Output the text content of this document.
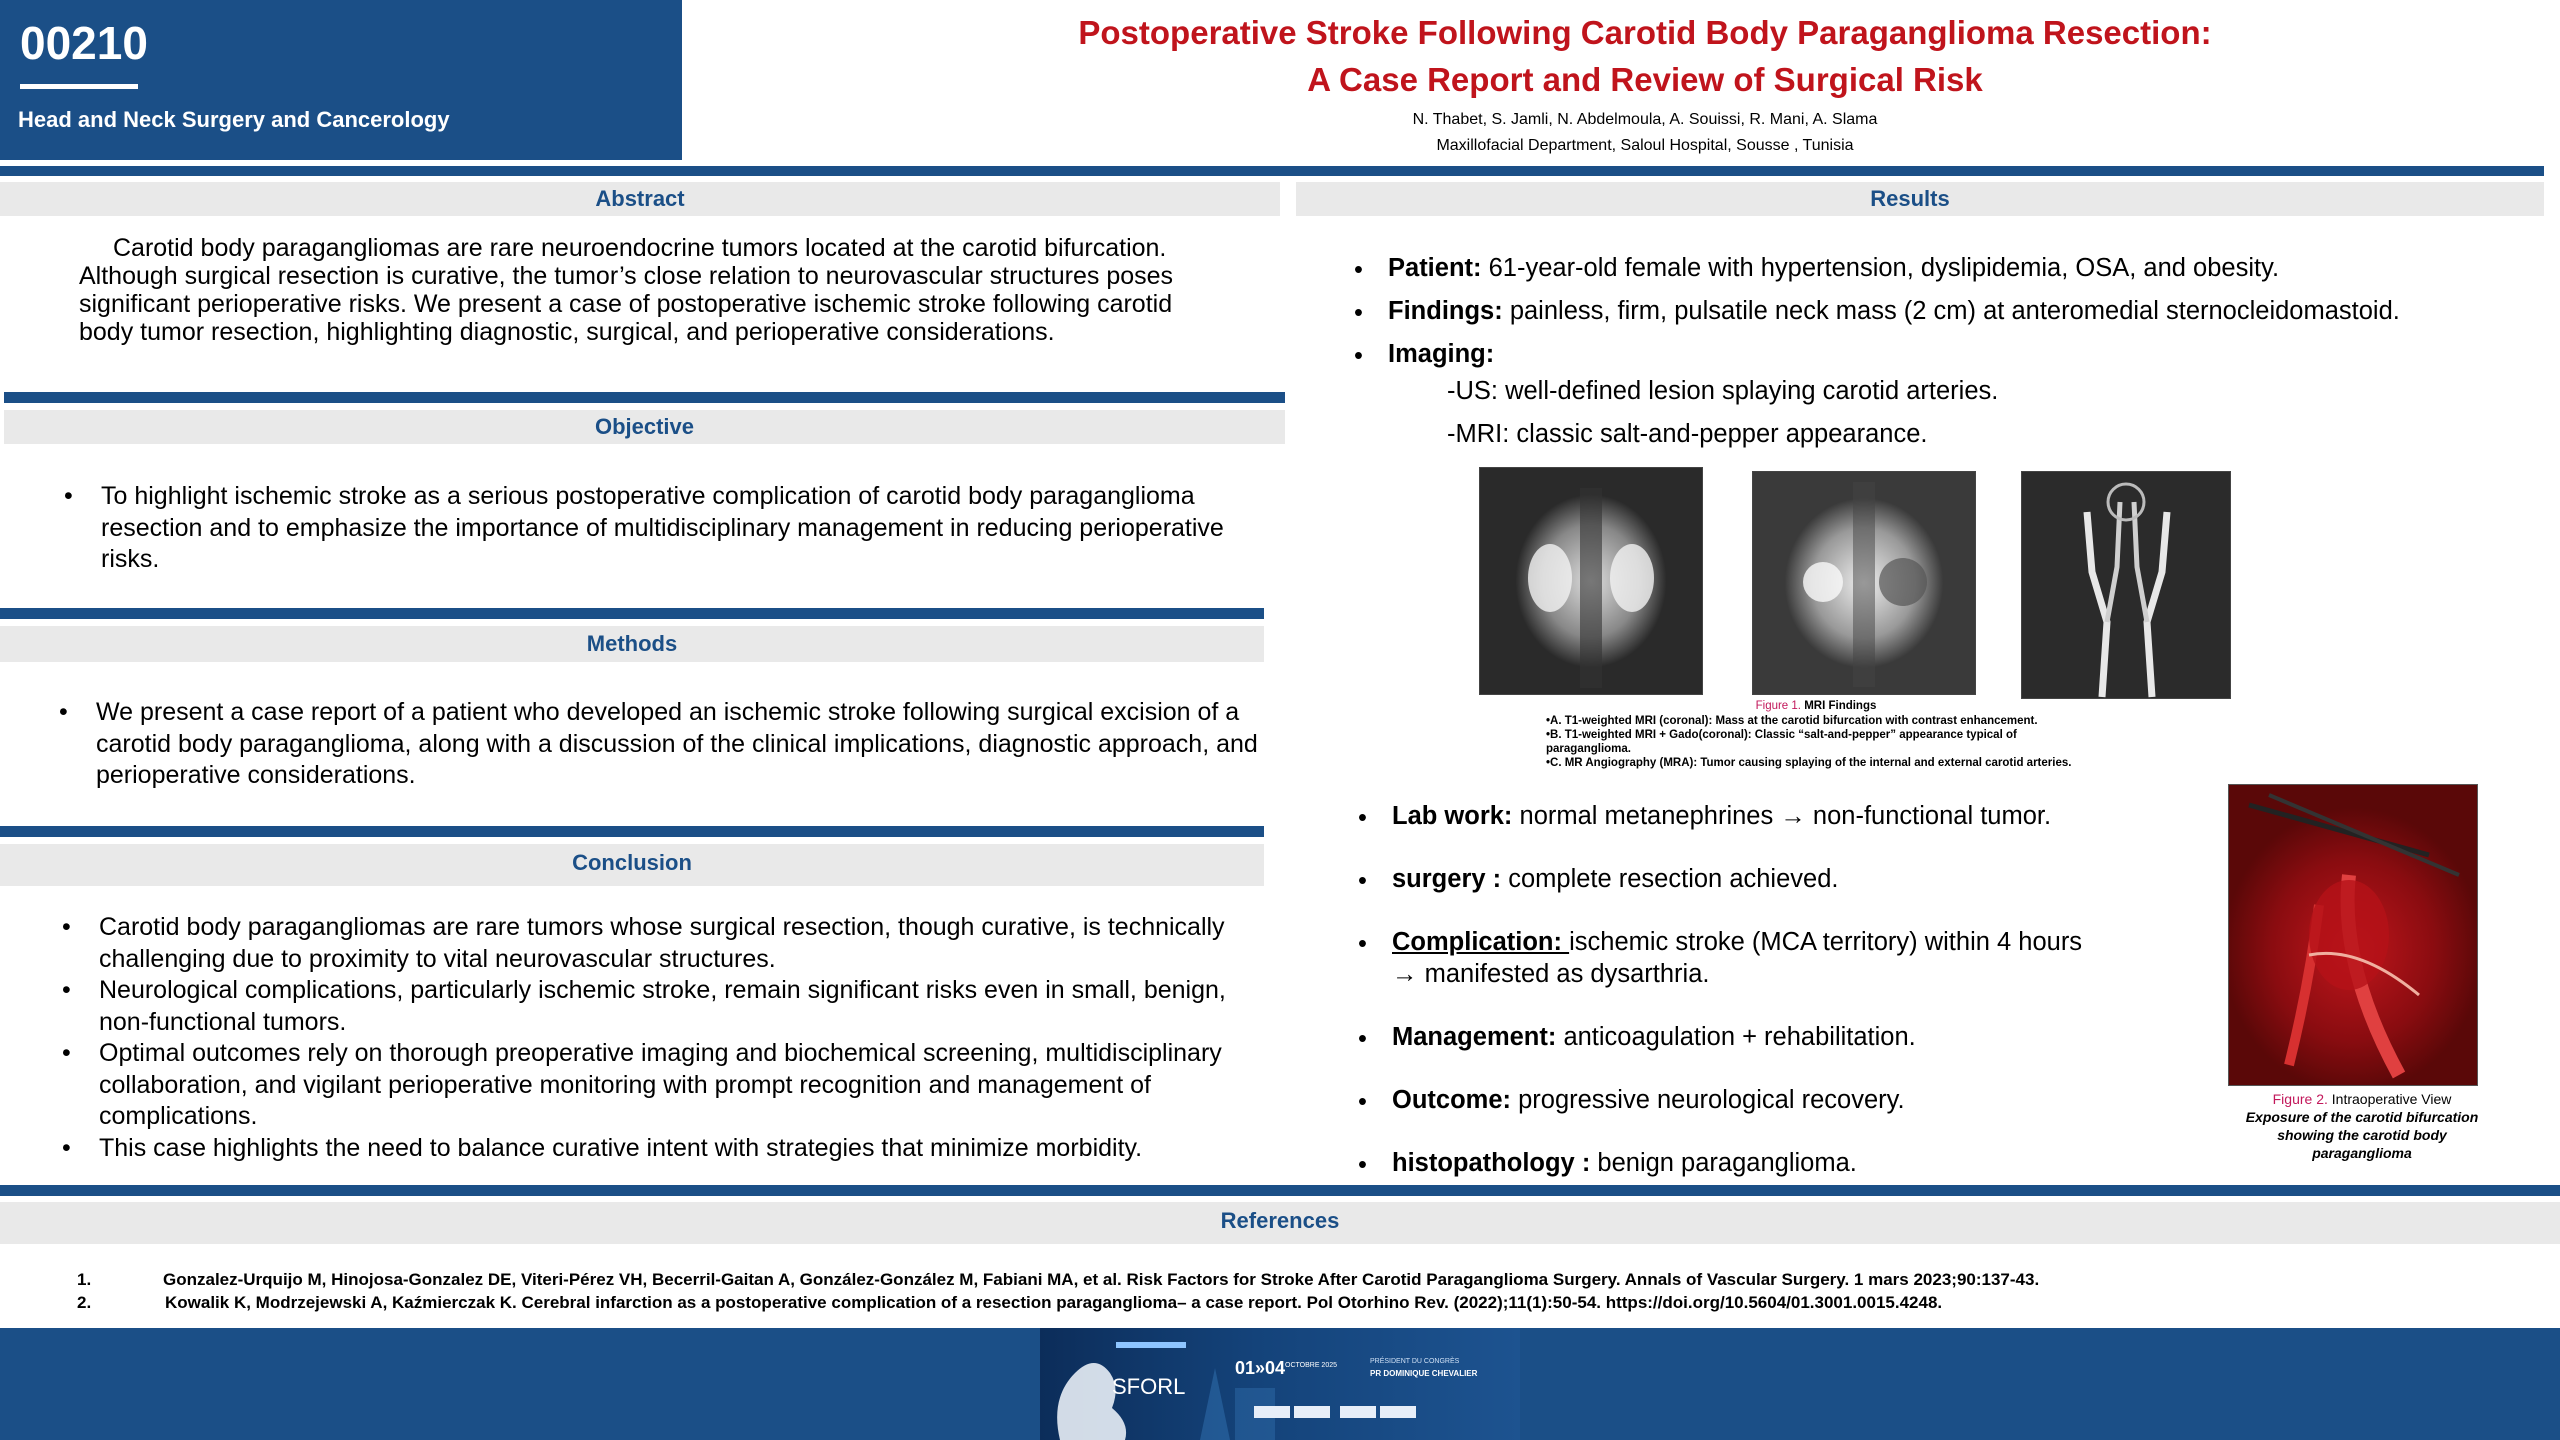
00210
Head and Neck Surgery and Cancerology
Postoperative Stroke Following Carotid Body Paraganglioma Resection:
A Case Report and Review of Surgical Risk
N. Thabet, S. Jamli, N. Abdelmoula, A. Souissi, R. Mani, A. Slama
Maxillofacial Department, Saloul Hospital, Sousse , Tunisia
Abstract
Carotid body paragangliomas are rare neuroendocrine tumors located at the carotid bifurcation.
Although surgical resection is curative, the tumor’s close relation to neurovascular structures poses
significant perioperative risks. We present a case of postoperative ischemic stroke following carotid
body tumor resection, highlighting diagnostic, surgical, and perioperative considerations.
Objective
• To highlight ischemic stroke as a serious postoperative complication of carotid body paraganglioma resection and to emphasize the importance of multidisciplinary management in reducing perioperative risks.
Methods
• We present a case report of a patient who developed an ischemic stroke following surgical excision of a carotid body paraganglioma, along with a discussion of the clinical implications, diagnostic approach, and perioperative considerations.
Conclusion
• Carotid body paragangliomas are rare tumors whose surgical resection, though curative, is technically challenging due to proximity to vital neurovascular structures.
• Neurological complications, particularly ischemic stroke, remain significant risks even in small, benign, non-functional tumors.
• Optimal outcomes rely on thorough preoperative imaging and biochemical screening, multidisciplinary collaboration, and vigilant perioperative monitoring with prompt recognition and management of complications.
• This case highlights the need to balance curative intent with strategies that minimize morbidity.
Results
• Patient: 61-year-old female with hypertension, dyslipidemia, OSA, and obesity.
• Findings: painless, firm, pulsatile neck mass (2 cm) at anteromedial sternocleidomastoid.
• Imaging:
-US: well-defined lesion splaying carotid arteries.
-MRI: classic salt-and-pepper appearance.
Figure 1. MRI Findings
•A. T1-weighted MRI (coronal): Mass at the carotid bifurcation with contrast enhancement.
•B. T1-weighted MRI + Gado(coronal): Classic “salt-and-pepper” appearance typical of
paraganglioma.
•C. MR Angiography (MRA): Tumor causing splaying of the internal and external carotid arteries.
• Lab work: normal metanephrines → non-functional tumor.
• surgery : complete resection achieved.
• Complication: ischemic stroke (MCA territory) within 4 hours
→ manifested as dysarthria.
• Management: anticoagulation + rehabilitation.
• Outcome: progressive neurological recovery.
• histopathology : benign paraganglioma.
Figure 2. Intraoperative View
Exposure of the carotid bifurcation
showing the carotid body
paraganglioma
References
1.	Gonzalez-Urquijo M, Hinojosa-Gonzalez DE, Viteri-Pérez VH, Becerril-Gaitan A, González-González M, Fabiani MA, et al. Risk Factors for Stroke After Carotid Paraganglioma Surgery. Annals of Vascular Surgery. 1 mars 2023;90:137-43.
2.	Kowalik K, Modrzejewski A, Kaźmierczak K. Cerebral infarction as a postoperative complication of a resection paraganglioma– a case report. Pol Otorhino Rev. (2022);11(1):50-54. https://doi.org/10.5604/01.3001.0015.4248.
SFORL
01»04 OCTOBRE 2025
PRÉSIDENT DU CONGRÈS
PR DOMINIQUE CHEVALIER
